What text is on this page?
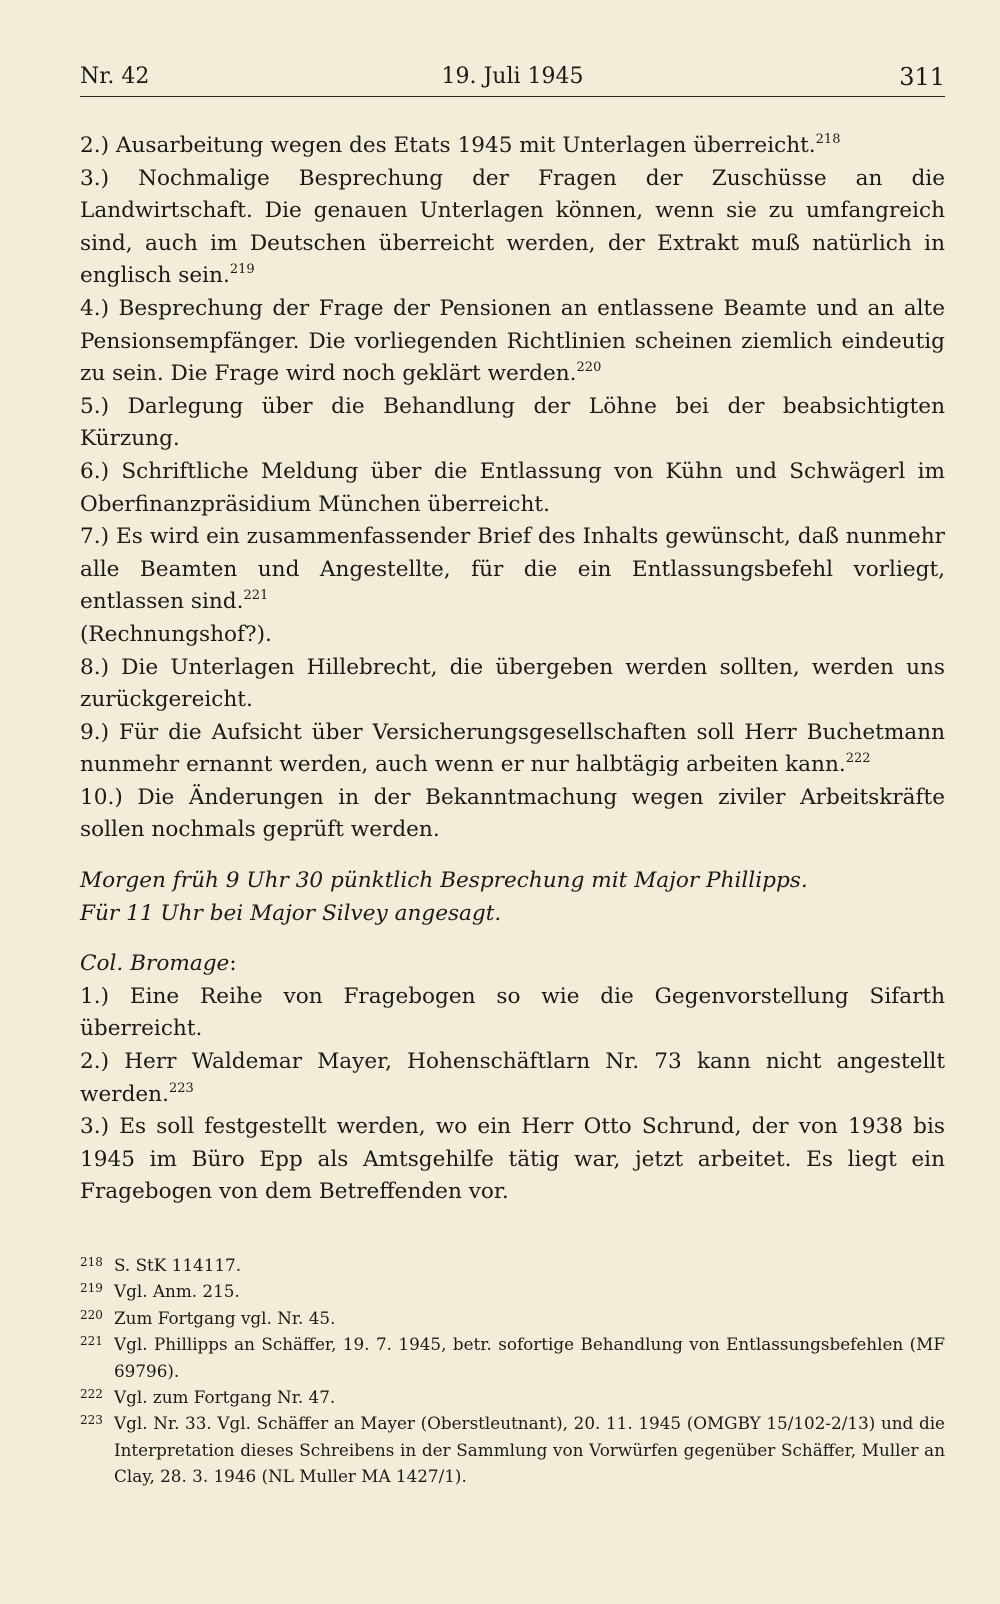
Nr. 42	19. Juli 1945	311

2.) Ausarbeitung wegen des Etats 1945 mit Unterlagen überreicht.$^{218}$

3.) Nochmalige Besprechung der Fragen der Zuschüsse an die Landwirtschaft. Die genauen Unterlagen können, wenn sie zu umfangreich sind, auch im Deutschen überreicht werden, der Extrakt muß natürlich in englisch sein.$^{219}$

4.) Besprechung der Frage der Pensionen an entlassene Beamte und an alte Pensionsempfänger. Die vorliegenden Richtlinien scheinen ziemlich eindeutig zu sein. Die Frage wird noch geklärt werden.$^{220}$

5.) Darlegung über die Behandlung der Löhne bei der beabsichtigten Kürzung.

6.) Schriftliche Meldung über die Entlassung von Kühn und Schwägerl im Oberfinanzpräsidium München überreicht.

7.) Es wird ein zusammenfassender Brief des Inhalts gewünscht, daß nunmehr alle Beamten und Angestellte, für die ein Entlassungsbefehl vorliegt, entlassen sind.$^{221}$

(Rechnungshof?).

8.) Die Unterlagen Hillebrecht, die übergeben werden sollten, werden uns zurückgereicht.

9.) Für die Aufsicht über Versicherungsgesellschaften soll Herr Buchetmann nunmehr ernannt werden, auch wenn er nur halbtägig arbeiten kann.$^{222}$

10.) Die Änderungen in der Bekanntmachung wegen ziviler Arbeitskräfte sollen nochmals geprüft werden.

Morgen früh 9 Uhr 30 pünktlich Besprechung mit Major Phillipps.

Für 11 Uhr bei Major Silvey angesagt.

Col. Bromage:

1.) Eine Reihe von Fragebogen so wie die Gegenvorstellung Sifarth überreicht.

2.) Herr Waldemar Mayer, Hohenschäftlarn Nr. 73 kann nicht angestellt werden.$^{223}$

3.) Es soll festgestellt werden, wo ein Herr Otto Schrund, der von 1938 bis 1945 im Büro Epp als Amtsgehilfe tätig war, jetzt arbeitet. Es liegt ein Fragebogen von dem Betreffenden vor.

218 S. StK 114117.
219 Vgl. Anm. 215.
220 Zum Fortgang vgl. Nr. 45.
221 Vgl. Phillipps an Schäffer, 19. 7. 1945, betr. sofortige Behandlung von Entlassungsbefehlen (MF 69796).
222 Vgl. zum Fortgang Nr. 47.
223 Vgl. Nr. 33. Vgl. Schäffer an Mayer (Oberstleutnant), 20. 11. 1945 (OMGBY 15/102-2/13) und die Interpretation dieses Schreibens in der Sammlung von Vorwürfen gegenüber Schäffer, Muller an Clay, 28. 3. 1946 (NL Muller MA 1427/1).
